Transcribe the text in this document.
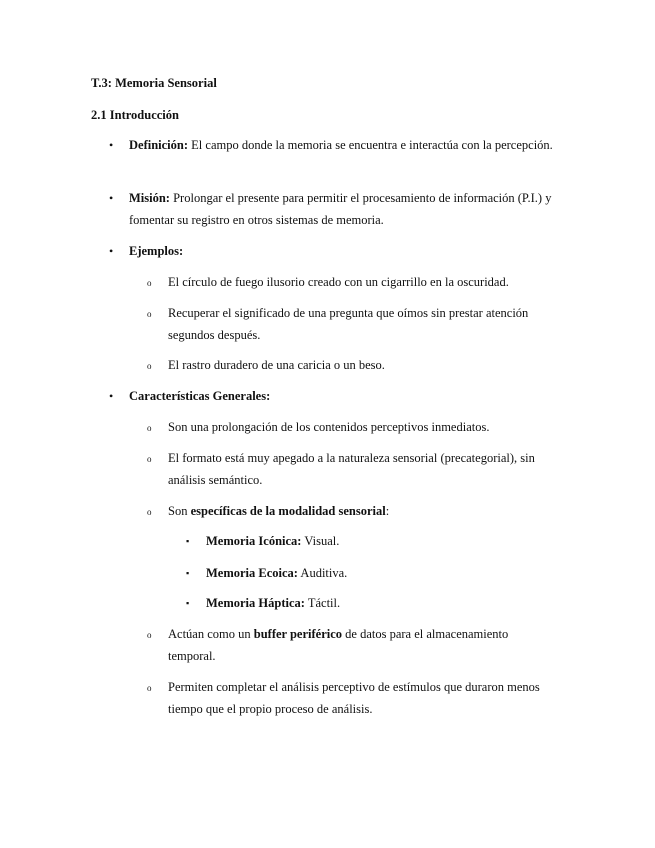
T.3: Memoria Sensorial

2.1 Introducción

• Definición: El campo donde la memoria se encuentra e interactúa con la percepción.
• Misión: Prolongar el presente para permitir el procesamiento de información (P.I.) y fomentar su registro en otros sistemas de memoria.
• Ejemplos:
o El círculo de fuego ilusorio creado con un cigarrillo en la oscuridad.
o Recuperar el significado de una pregunta que oímos sin prestar atención segundos después.
o El rastro duradero de una caricia o un beso.
• Características Generales:
o Son una prolongación de los contenidos perceptivos inmediatos.
o El formato está muy apegado a la naturaleza sensorial (precategorial), sin análisis semántico.
o Son específicas de la modalidad sensorial:
▪ Memoria Icónica: Visual.
▪ Memoria Ecoica: Auditiva.
▪ Memoria Háptica: Táctil.
o Actúan como un buffer periférico de datos para el almacenamiento temporal.
o Permiten completar el análisis perceptivo de estímulos que duraron menos tiempo que el propio proceso de análisis.
